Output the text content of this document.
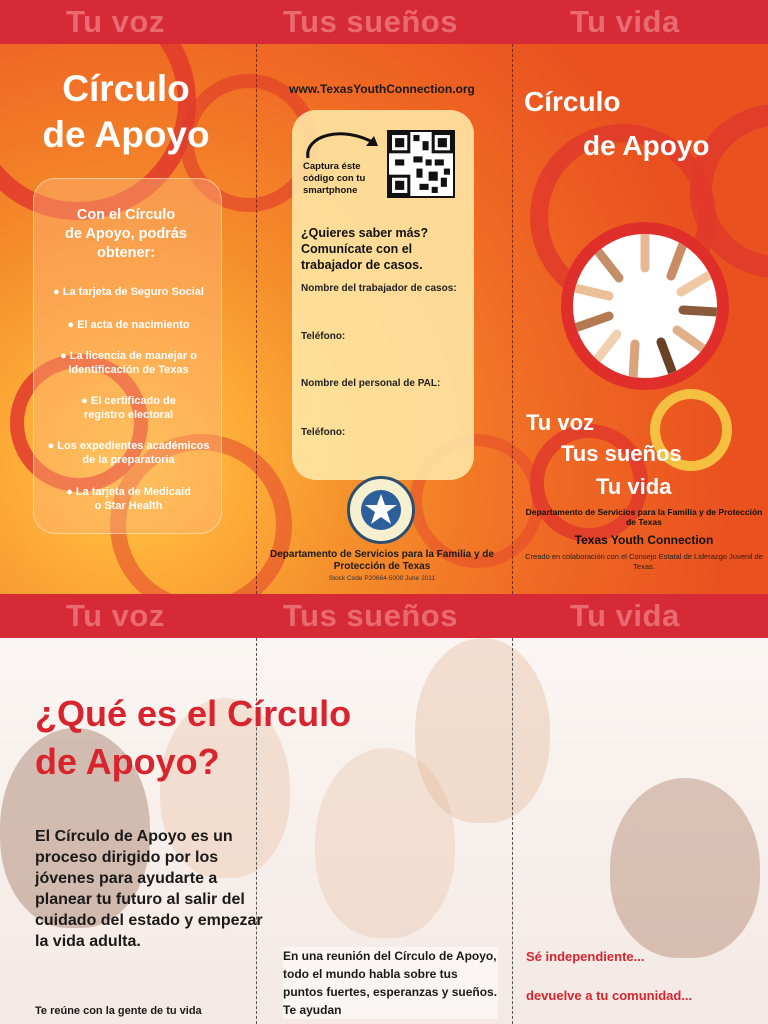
Tu voz	Tus sueños	Tu vida
Círculo
de Apoyo
Con el Círculo
de Apoyo, podrás
obtener:
● La tarjeta de Seguro Social
● El acta de nacimiento
● La licencia de manejar o Identificación de Texas
● El certificado de registro electoral
● Los expedientes académicos de la preparatoria
● La tarjeta de Medicaid o Star Health
www.TexasYouthConnection.org
Captura éste código con tu smartphone
¿Quieres saber más? Comunícate con el trabajador de casos.
Nombre del trabajador de casos:
Teléfono:
Nombre del personal de PAL:
Teléfono:
Departamento de Servicios para la Familia y de Protección de Texas
Stock Code P20664-5000 June 2011
Círculo
de Apoyo
Tu voz
Tus sueños
Tu vida
Departamento de Servicios para la Familia y de Protección de Texas
Texas Youth Connection
Creado en colaboración con el Consejo Estatal de Liderazgo Juvenil de Texas.
Tu voz	Tus sueños	Tu vida
¿Qué es el Círculo
de Apoyo?
El Círculo de Apoyo es un proceso dirigido por los jóvenes para ayudarte a planear tu futuro al salir del cuidado del estado y empezar la vida adulta.
Te reúne con la gente de tu vida
En una reunión del Círculo de Apoyo, todo el mundo habla sobre tus puntos fuertes, esperanzas y sueños. Te ayudan
Sé independiente...
devuelve a tu comunidad...
